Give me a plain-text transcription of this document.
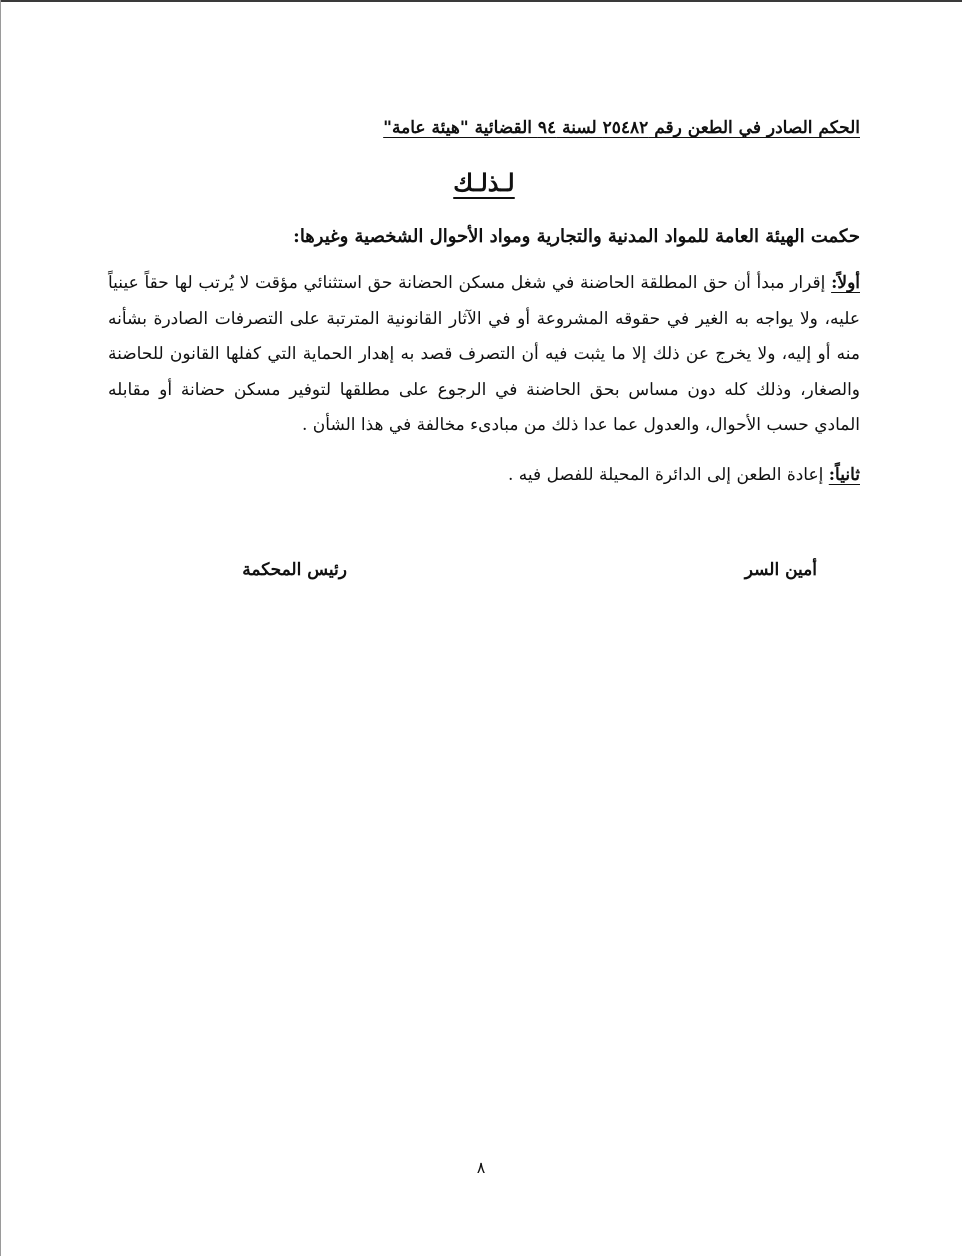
الحكم الصادر في الطعن رقم ٢٥٤٨٢ لسنة ٩٤ القضائية "هيئة عامة"

لـذلـك
حكمت الهيئة العامة للمواد المدنية والتجارية ومواد الأحوال الشخصية وغيرها:
أولاً: إقرار مبدأ أن حق المطلقة الحاضنة في شغل مسكن الحضانة حق استثنائي مؤقت لا يُرتب لها حقاً عينياً عليه، ولا يواجه به الغير في حقوقه المشروعة أو في الآثار القانونية المترتبة على التصرفات الصادرة بشأنه منه أو إليه، ولا يخرج عن ذلك إلا ما يثبت فيه أن التصرف قصد به إهدار الحماية التي كفلها القانون للحاضنة والصغار، وذلك كله دون مساس بحق الحاضنة في الرجوع على مطلقها لتوفير مسكن حضانة أو مقابله المادي حسب الأحوال، والعدول عما عدا ذلك من مبادىء مخالفة في هذا الشأن .
ثانياً: إعادة الطعن إلى الدائرة المحيلة للفصل فيه .
أمين السر
رئيس المحكمة
٨
